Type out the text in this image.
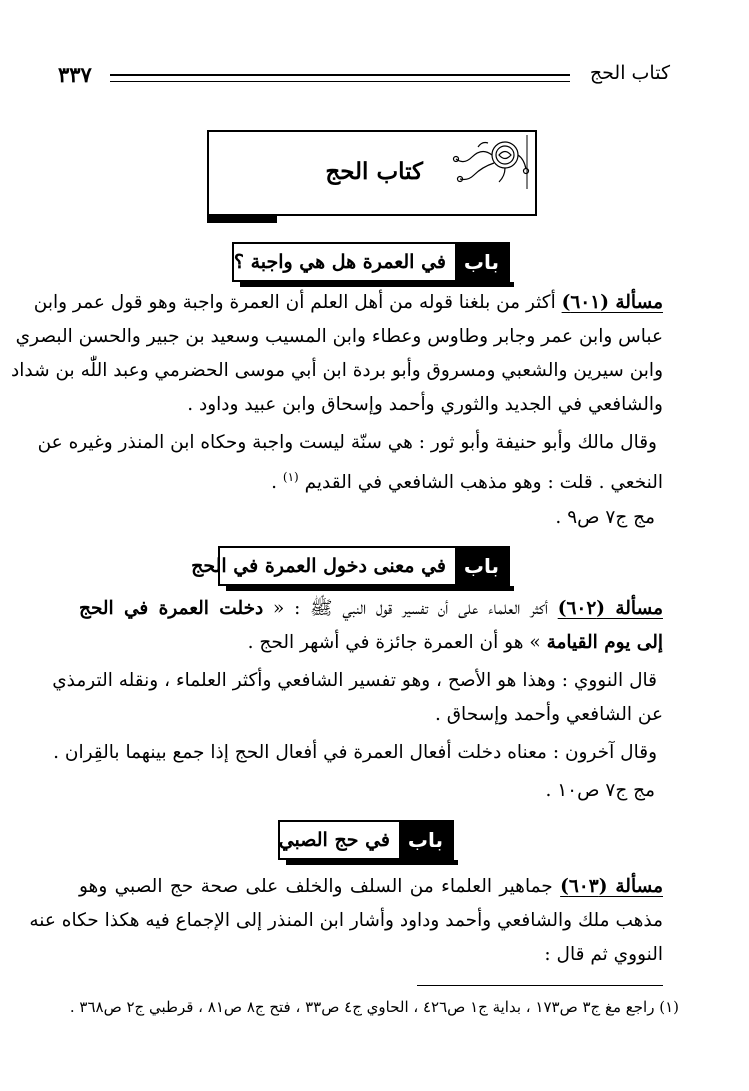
كتاب الحج
٣٣٧
كتاب الحج
باب
في العمرة هل هي واجبة ؟
مسألة (٦٠١) أكثر من بلغنا قوله من أهل العلم أن العمرة واجبة وهو قول عمر وابن
عباس وابن عمر وجابر وطاوس وعطاء وابن المسيب وسعيد بن جبير والحسن البصري
وابن سيرين والشعبي ومسروق وأبو بردة ابن أبي موسى الحضرمي وعبد اللّٰه بن شداد
والشافعي في الجديد والثوري وأحمد وإسحاق وابن عبيد وداود .
وقال مالك وأبو حنيفة وأبو ثور : هي سنّة ليست واجبة وحكاه ابن المنذر وغيره عن
النخعي . قلت : وهو مذهب الشافعي في القديم $^{(١)}$ .
مج ج٧ ص٩ .
باب
في معنى دخول العمرة في الحج
مسألة (٦٠٢) أكثر العلماء على أن تفسير قول النبي ﷺ : « دخلت العمرة في الحج
إلى يوم القيامة » هو أن العمرة جائزة في أشهر الحج .
قال النووي : وهذا هو الأصح ، وهو تفسير الشافعي وأكثر العلماء ، ونقله الترمذي
عن الشافعي وأحمد وإسحاق .
وقال آخرون : معناه دخلت أفعال العمرة في أفعال الحج إذا جمع بينهما بالقِران .
مج ج٧ ص١٠ .
باب
في حج الصبي
مسألة (٦٠٣) جماهير العلماء من السلف والخلف على صحة حج الصبي وهو
مذهب ملك والشافعي وأحمد وداود وأشار ابن المنذر إلى الإجماع فيه هكذا حكاه عنه
النووي ثم قال :
(١) راجع مغ ج٣ ص١٧٣ ، بداية ج١ ص٤٢٦ ، الحاوي ج٤ ص٣٣ ، فتح ج٨ ص٨١ ، قرطبي ج٢ ص٣٦٨ .
